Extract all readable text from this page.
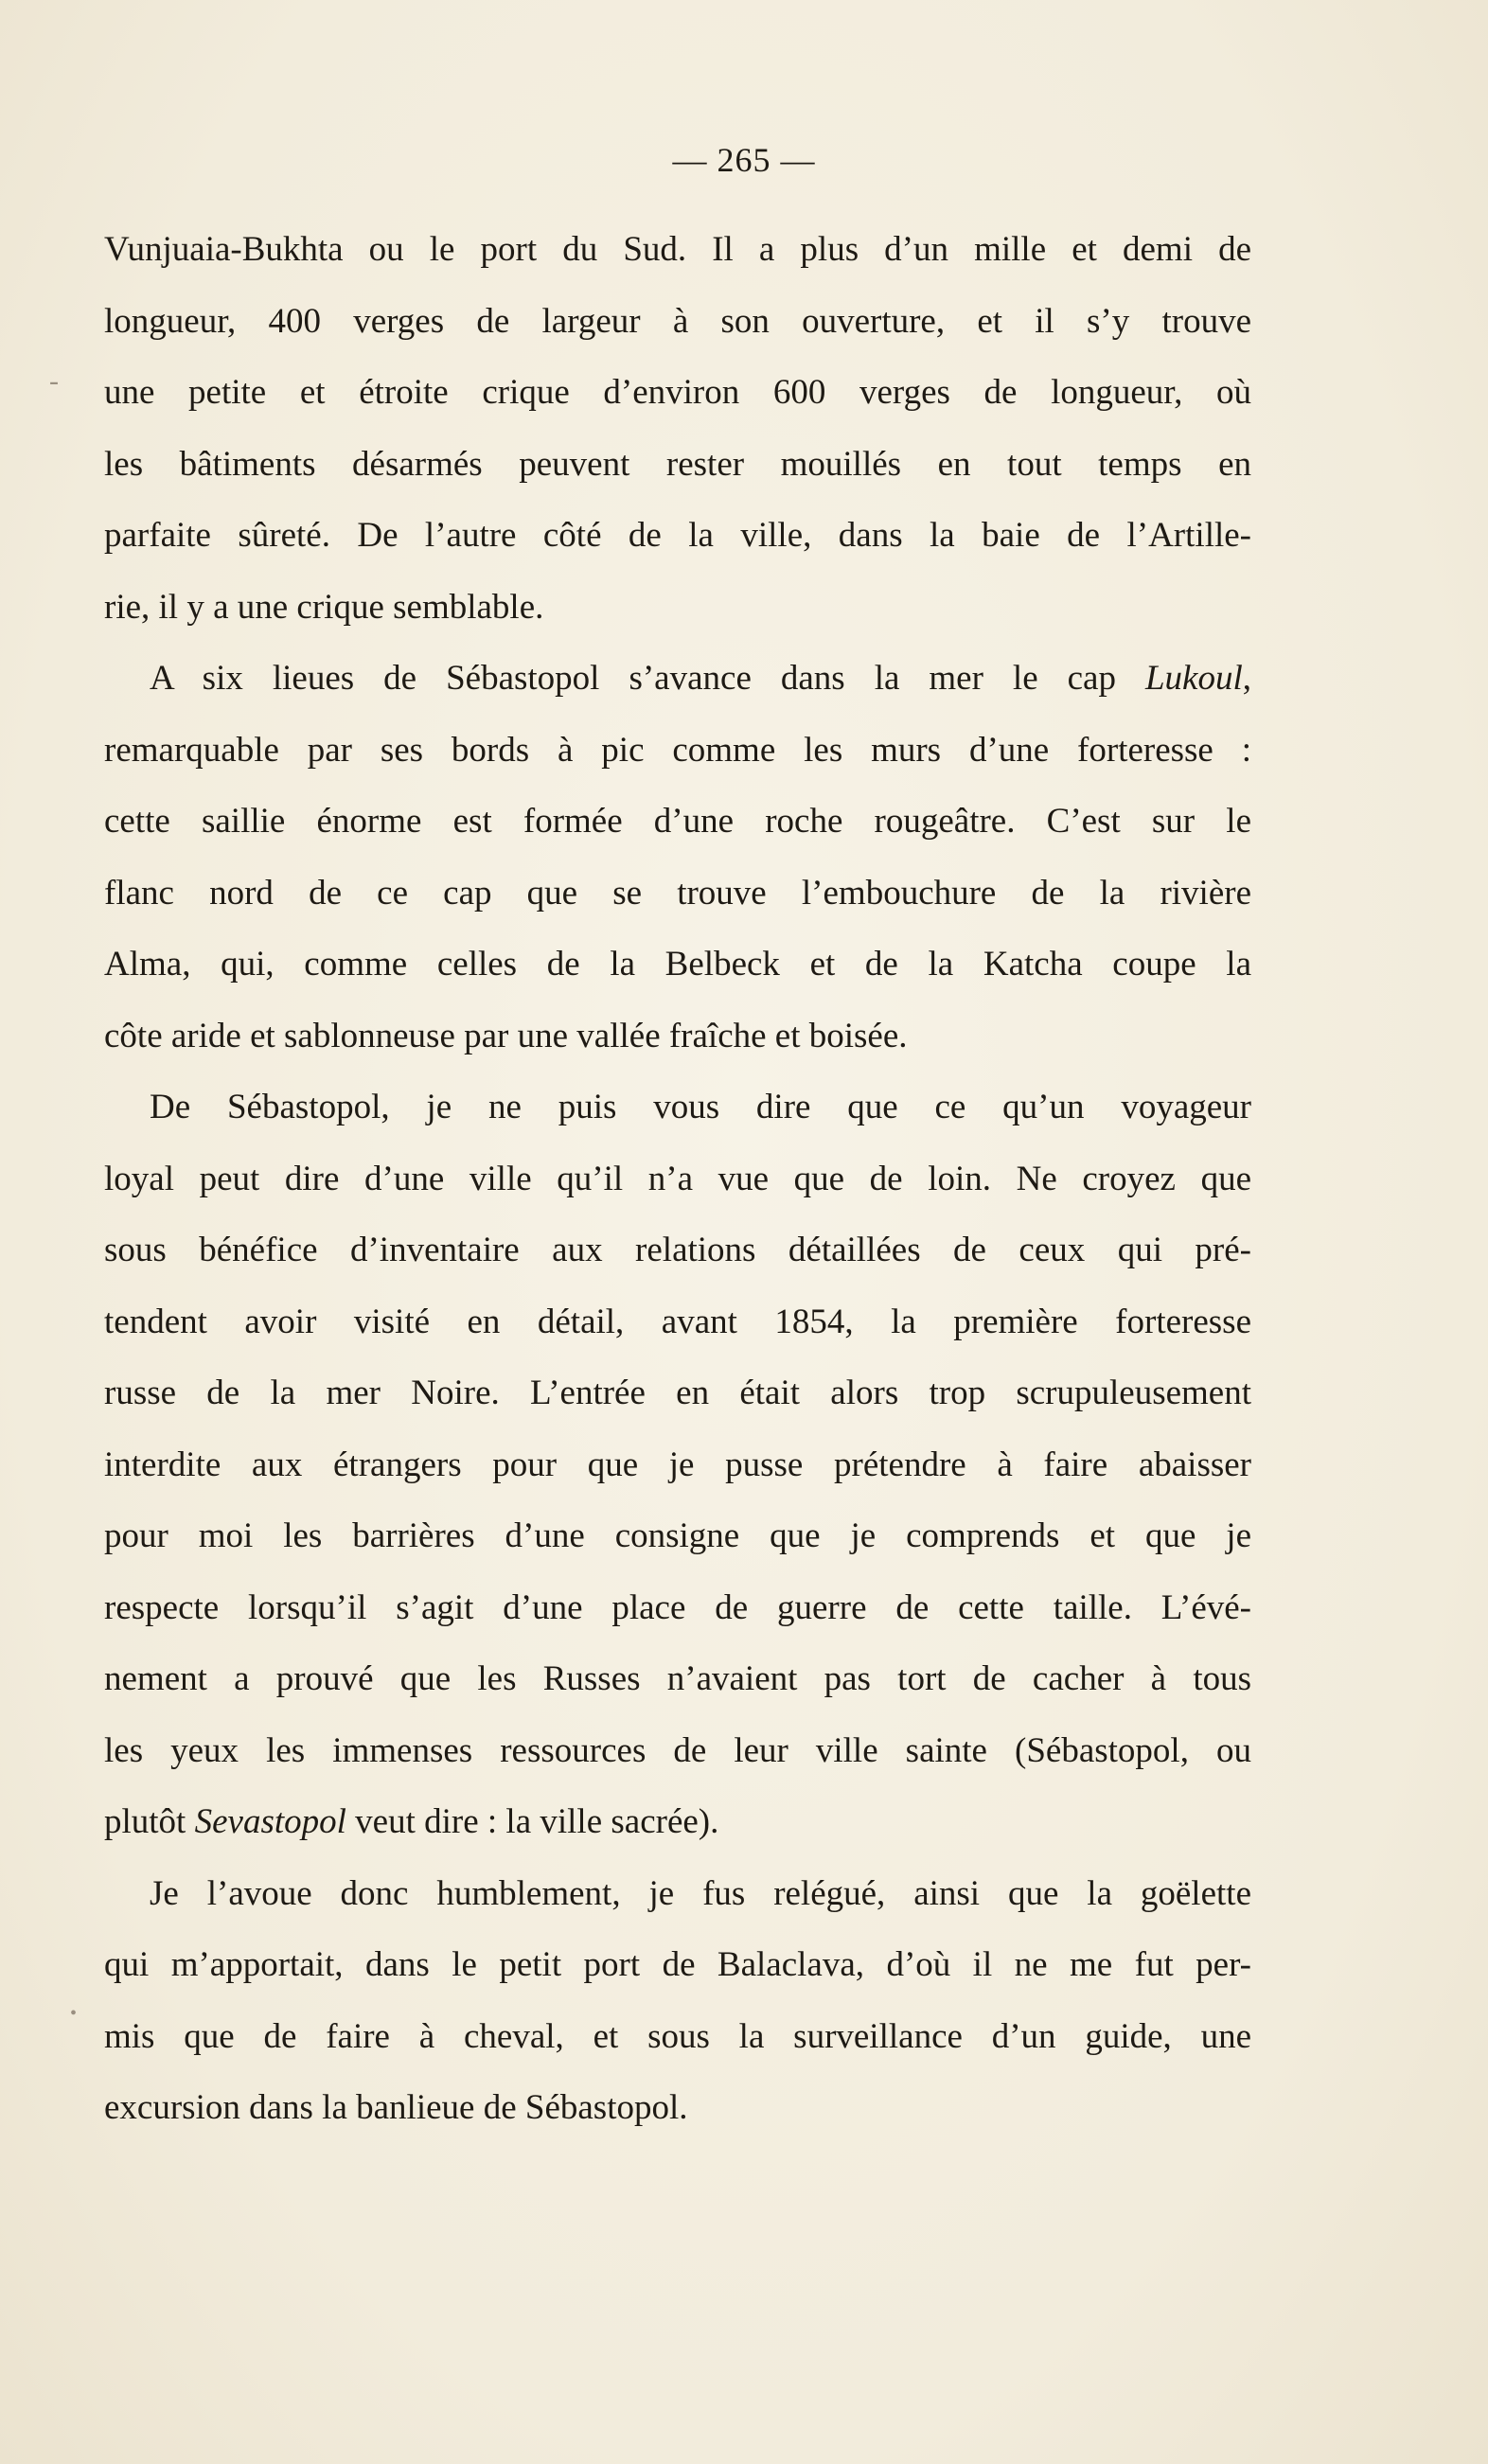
— 265 —
-
•
Vunjuaia-Bukhta ou le port du Sud. Il a plus d’un mille et demi de
longueur, 400 verges de largeur à son ouverture, et il s’y trouve
une petite et étroite crique d’environ 600 verges de longueur, où
les bâtiments désarmés peuvent rester mouillés en tout temps en
parfaite sûreté. De l’autre côté de la ville, dans la baie de l’Artille-
rie, il y a une crique semblable.
A six lieues de Sébastopol s’avance dans la mer le cap Lukoul,
remarquable par ses bords à pic comme les murs d’une forteresse :
cette saillie énorme est formée d’une roche rougeâtre. C’est sur le
flanc nord de ce cap que se trouve l’embouchure de la rivière
Alma, qui, comme celles de la Belbeck et de la Katcha coupe la
côte aride et sablonneuse par une vallée fraîche et boisée.
De Sébastopol, je ne puis vous dire que ce qu’un voyageur
loyal peut dire d’une ville qu’il n’a vue que de loin. Ne croyez que
sous bénéfice d’inventaire aux relations détaillées de ceux qui pré-
tendent avoir visité en détail, avant 1854, la première forteresse
russe de la mer Noire. L’entrée en était alors trop scrupuleusement
interdite aux étrangers pour que je pusse prétendre à faire abaisser
pour moi les barrières d’une consigne que je comprends et que je
respecte lorsqu’il s’agit d’une place de guerre de cette taille. L’évé-
nement a prouvé que les Russes n’avaient pas tort de cacher à tous
les yeux les immenses ressources de leur ville sainte (Sébastopol, ou
plutôt Sevastopol veut dire : la ville sacrée).
Je l’avoue donc humblement, je fus relégué, ainsi que la goëlette
qui m’apportait, dans le petit port de Balaclava, d’où il ne me fut per-
mis que de faire à cheval, et sous la surveillance d’un guide, une
excursion dans la banlieue de Sébastopol.
